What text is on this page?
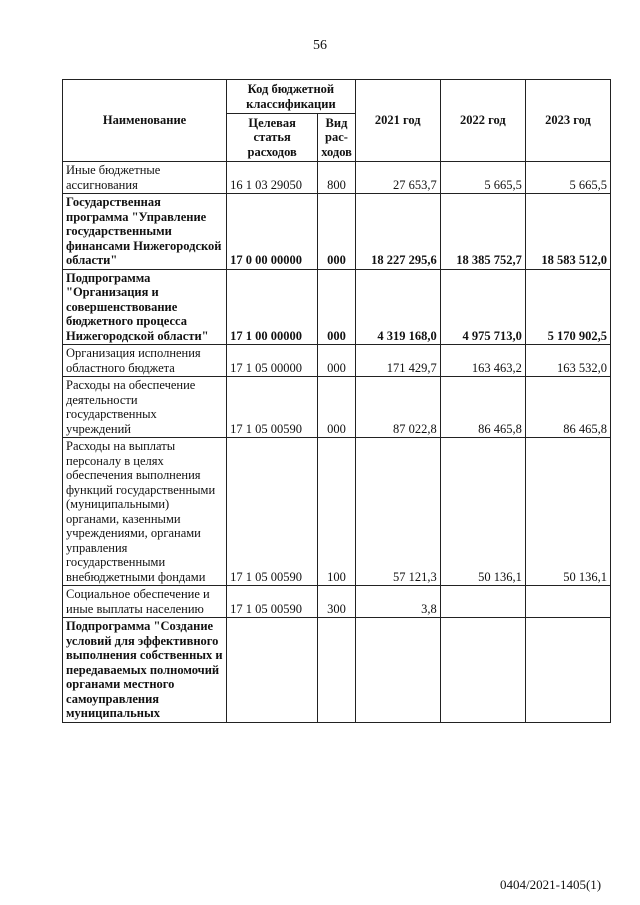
56
Наименование	Код бюджетной классификации		2021 год	2022 год	2023 год
	Целевая статья расходов	Вид рас-ходов			
Иные бюджетные ассигнования	16 1 03 29050	800	27 653,7	5 665,5	5 665,5
Государственная программа "Управление государственными финансами Нижегородской области"	17 0 00 00000	000	18 227 295,6	18 385 752,7	18 583 512,0
Подпрограмма "Организация и совершенствование бюджетного процесса Нижегородской области"	17 1 00 00000	000	4 319 168,0	4 975 713,0	5 170 902,5
Организация исполнения областного бюджета	17 1 05 00000	000	171 429,7	163 463,2	163 532,0
Расходы на обеспечение деятельности государственных учреждений	17 1 05 00590	000	87 022,8	86 465,8	86 465,8
Расходы на выплаты персоналу в целях обеспечения выполнения функций государственными (муниципальными) органами, казенными учреждениями, органами управления государственными внебюджетными фондами	17 1 05 00590	100	57 121,3	50 136,1	50 136,1
Социальное обеспечение и иные выплаты населению	17 1 05 00590	300	3,8		
Подпрограмма "Создание условий для эффективного выполнения собственных и передаваемых полномочий органами местного самоуправления муниципальных					
0404/2021-1405(1)
